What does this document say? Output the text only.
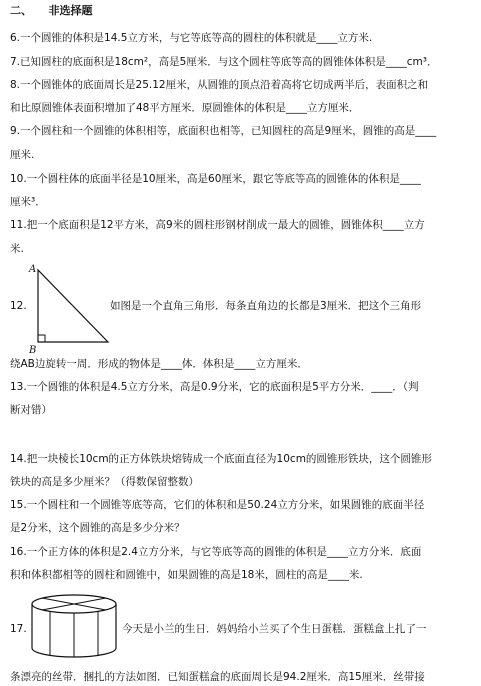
二、　　非选择题
6.一个圆锥的体积是14.5立方米，与它等底等高的圆柱的体积就是____立方米.
7.已知圆柱的底面积是18cm²，高是5厘米．与这个圆柱等底等高的圆锥体体积是____cm³．
8.一个圆锥体的底面周长是25.12厘米，从圆锥的顶点沿着高将它切成两半后，表面积之和
和比原圆锥体表面积增加了48平方厘米．原圆锥体的体积是____立方厘米．
9.一个圆柱和一个圆锥的体积相等，底面积也相等，已知圆柱的高是9厘米，圆锥的高是____
厘米.
10.一个圆柱体的底面半径是10厘米，高是60厘米，跟它等底等高的圆锥体的体积是____
厘米³．
11.把一个底面积是12平方米，高9米的圆柱形钢材削成一最大的圆锥，圆锥体积____立方
米.
A
B
12.	如图是一个直角三角形．每条直角边的长都是3厘米．把这个三角形
绕AB边旋转一周．形成的物体是____体．体积是____立方厘米．
13.一个圆锥的体积是4.5立方分米，高是0.9分米，它的底面积是5平方分米．____．（判
断对错）
14.把一块棱长10cm的正方体铁块熔铸成一个底面直径为10cm的圆锥形铁块，这个圆锥形
铁块的高是多少厘米？（得数保留整数）
15.一个圆柱和一个圆锥等底等高，它们的体积和是50.24立方分米，如果圆锥的底面半径
是2分米，这个圆锥的高是多少分米？
16.一个正方体的体积是2.4立方分米，与它等底等高的圆锥的体积是____立方分米．底面
积和体积都相等的圆柱和圆锥中，如果圆锥的高是18米，圆柱的高是____米.
17.	今天是小兰的生日．妈妈给小兰买了个生日蛋糕．蛋糕盒上扎了一
条漂亮的丝带．捆扎的方法如图．已知蛋糕盒的底面周长是94.2厘米．高15厘米．丝带接
